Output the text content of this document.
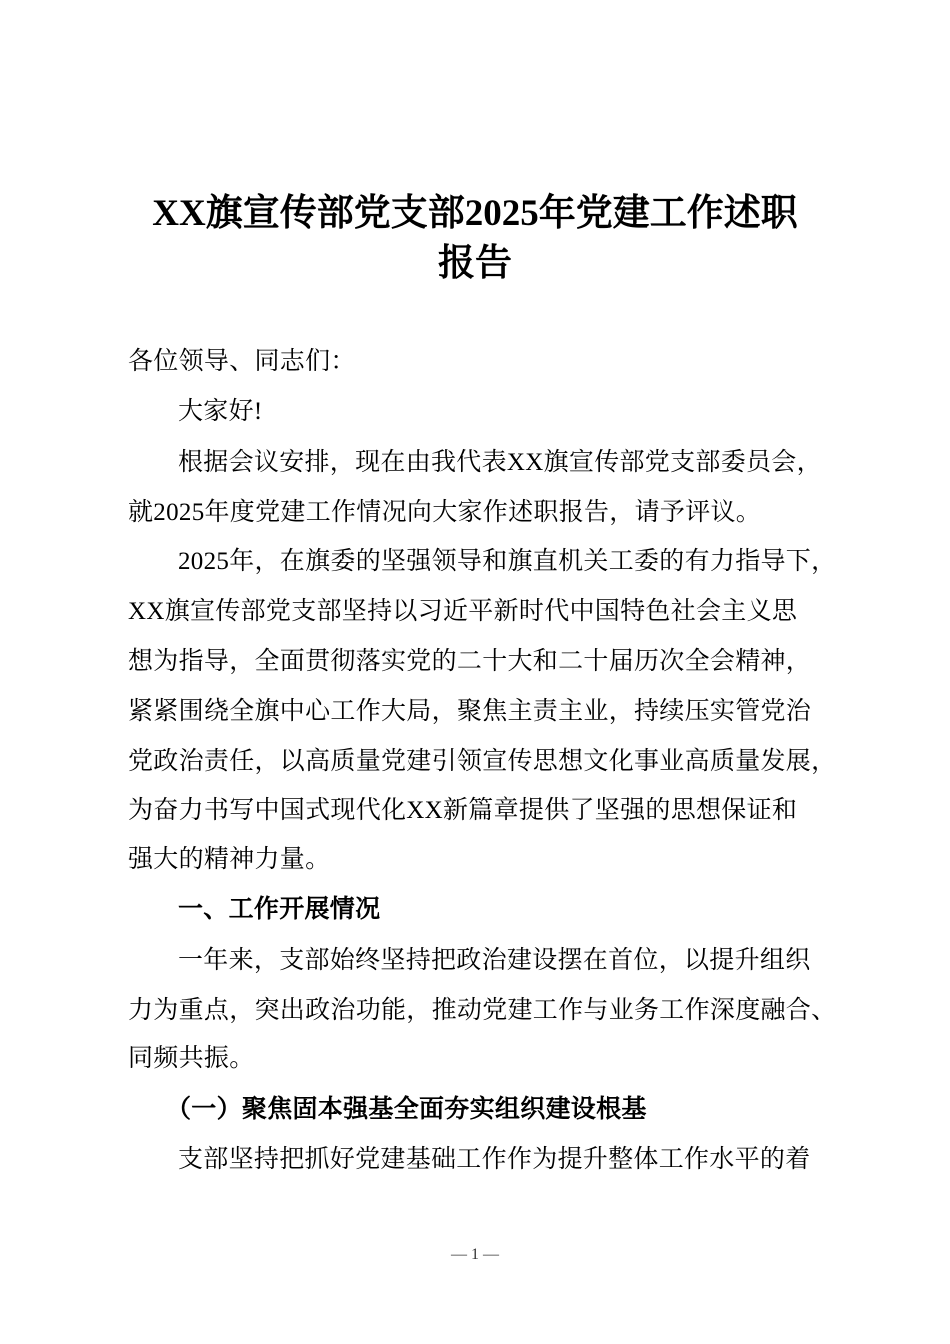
XX旗宣传部党支部2025年党建工作述职
报告
各位领导、同志们：
大家好!
根据会议安排，现在由我代表XX旗宣传部党支部委员会，
就2025年度党建工作情况向大家作述职报告，请予评议。
2025年，在旗委的坚强领导和旗直机关工委的有力指导下，
XX旗宣传部党支部坚持以习近平新时代中国特色社会主义思
想为指导，全面贯彻落实党的二十大和二十届历次全会精神，
紧紧围绕全旗中心工作大局，聚焦主责主业，持续压实管党治
党政治责任，以高质量党建引领宣传思想文化事业高质量发展，
为奋力书写中国式现代化XX新篇章提供了坚强的思想保证和
强大的精神力量。
一、工作开展情况
一年来，支部始终坚持把政治建设摆在首位，以提升组织
力为重点，突出政治功能，推动党建工作与业务工作深度融合、
同频共振。
（一）聚焦固本强基全面夯实组织建设根基
支部坚持把抓好党建基础工作作为提升整体工作水平的着
— 1 —
